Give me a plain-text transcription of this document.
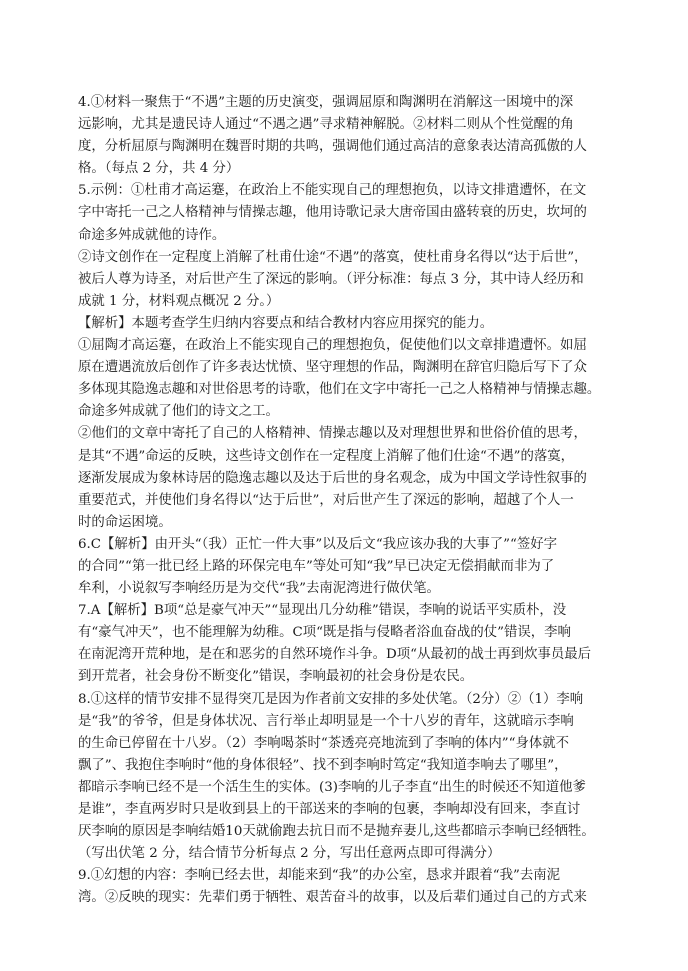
4.①材料一聚焦于“不遇”主题的历史演变，强调屈原和陶渊明在消解这一困境中的深
远影响，尤其是遗民诗人通过“不遇之遇”寻求精神解脱。②材料二则从个性觉醒的角
度，分析屈原与陶渊明在魏晋时期的共鸣，强调他们通过高洁的意象表达清高孤傲的人
格。（每点 2 分，共 4 分）
5.示例：①杜甫才高运蹇，在政治上不能实现自己的理想抱负，以诗文排遣遭怀，在文
字中寄托一己之人格精神与情操志趣，他用诗歌记录大唐帝国由盛转衰的历史，坎坷的
命途多舛成就他的诗作。
②诗文创作在一定程度上消解了杜甫仕途“不遇”的落寞，使杜甫身名得以“达于后世”，
被后人尊为诗圣，对后世产生了深远的影响。（评分标准：每点 3 分，其中诗人经历和
成就 1 分，材料观点概况 2 分。）
【解析】本题考查学生归纳内容要点和结合教材内容应用探究的能力。
①屈陶才高运蹇，在政治上不能实现自己的理想抱负，促使他们以文章排遣遭怀。如屈
原在遭遇流放后创作了许多表达忧愤、坚守理想的作品，陶渊明在辞官归隐后写下了众
多体现其隐逸志趣和对世俗思考的诗歌，他们在文字中寄托一己之人格精神与情操志趣。
命途多舛成就了他们的诗文之工。
②他们的文章中寄托了自己的人格精神、情操志趣以及对理想世界和世俗价值的思考，
是其“不遇”命运的反映，这些诗文创作在一定程度上消解了他们仕途“不遇”的落寞，
逐渐发展成为象林诗居的隐逸志趣以及达于后世的身名观念，成为中国文学诗性叙事的
重要范式，并使他们身名得以“达于后世”，对后世产生了深远的影响，超越了个人一
时的命运困境。
6.C【解析】由开头“（我）正忙一件大事”以及后文“我应该办我的大事了”“签好字
的合同”“第一批已经上路的环保完电车”等处可知“我”早已决定无偿捐献而非为了
牟利，小说叙写李响经历是为交代“我”去南泥湾进行做伏笔。
7.A【解析】B项“总是豪气冲天”“显现出几分幼稚”错误，李响的说话平实质朴，没
有“豪气冲天”，也不能理解为幼稚。C项“既是指与侵略者浴血奋战的仗”错误，李响
在南泥湾开荒种地，是在和恶劣的自然环境作斗争。D项“从最初的战士再到炊事员最后
到开荒者，社会身份不断变化”错误，李响最初的社会身份是农民。
8.①这样的情节安排不显得突兀是因为作者前文安排的多处伏笔。（2分）②（1）李响
是“我”的爷爷，但是身体状况、言行举止却明显是一个十八岁的青年，这就暗示李响
的生命已停留在十八岁。（2）李响喝茶时“茶透亮亮地流到了李响的体内”“身体就不
飘了”、我抱住李响时“他的身体很轻”、找不到李响时笃定“我知道李响去了哪里”，
都暗示李响已经不是一个活生生的实体。(3)李响的儿子李直“出生的时候还不知道他爹
是谁”，李直两岁时只是收到县上的干部送来的李响的包裹，李响却没有回来，李直讨
厌李响的原因是李响结婚10天就偷跑去抗日而不是抛弃妻儿,这些都暗示李响已经牺牲。
（写出伏笔 2 分，结合情节分析每点 2 分，写出任意两点即可得满分）
9.①幻想的内容：李响已经去世，却能来到“我”的办公室，恳求并跟着“我”去南泥
湾。②反映的现实：先辈们勇于牺牲、艰苦奋斗的故事，以及后辈们通过自己的方式来
